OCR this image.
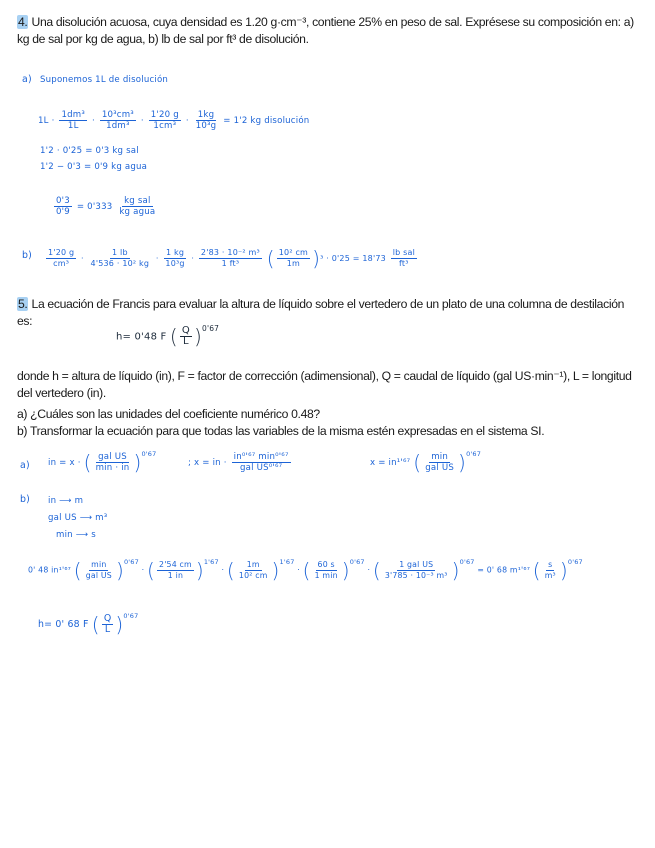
4. Una disolución acuosa, cuya densidad es 1.20 g·cm⁻³, contiene 25% en peso de sal. Exprésese su composición en: a) kg de sal por kg de agua, b) lb de sal por ft³ de disolución.
a) Suponemos 1L de disolución
$1L \cdot \frac{\text{1dm³}}{1L} \cdot \frac{\text{10³cm³}}{\text{1dm³}} \cdot \frac{1'20 g}{\text{1cm³}} \cdot \frac{1kg}{\text{10³g}} = 1'2$ kg disolución
1'2 · 0'25 = 0'3 kg sal
1'2 − 0'3 = 0'9 kg agua
$\frac{0'3}{0'9} = 0'333 \frac{\text{kg sal}}{\text{kg agua}}$
$b) \frac{1'20 g}{\text{cm³}} \cdot \frac{1 lb}{\text{4'536 · 10² kg}} \cdot \frac{1 kg}{\text{10³g}} \cdot \frac{\text{2'83 · 10⁻² m³}}{\text{1 ft³}}$ ( $\frac{\text{10² cm}}{1m} )^3 \cdot 0'25 = 18'73 \frac{\text{lb sal}}{\text{ft³}}$
5. La ecuación de Francis para evaluar la altura de líquido sobre el vertedero de un plato de una columna de destilación es:
h= 0'48 F ( $\frac{Q}{L} )^{0'67}$
donde h = altura de líquido (in), F = factor de corrección (adimensional), Q = caudal de líquido (gal US·min⁻¹), L = longitud del vertedero (in).
a) ¿Cuáles son las unidades del coeficiente numérico 0.48?
b) Transformar la ecuación para que todas las variables de la misma estén expresadas en el sistema SI.
a) in = x · ( $\frac{\text{gal US}}{\min \cdot in} )^{0'67}$
; x = in · $\frac{\text{in⁰'⁶⁷ min⁰'⁶⁷}}{\text{gal US⁰'⁶⁷}}$	x = in¹'⁶⁷ ( $\frac{\min}{\text{gal US}} )^{0'67}$
b) in ⟶ m
gal US ⟶ m³
min ⟶ s
0' 48 in¹'⁶⁷ ( $\frac{\min}{\text{gal US}} )^{0'67}$ · ( $\frac{2'54 cm}{1 in} )^{1'67}$ · ( $\frac{1m}{\text{10² cm}} )^{1'67}$ · ( $\frac{60 s}{1 \min} )^{0'67}$ · ( $\frac{\text{1 gal US}}{\text{3'785 · 10⁻³ m³}} )^{0'67} = 0'$ 68 m¹'⁶⁷ ( $\frac{s}{\text{m³}} )^{0'67}$
h= 0' 68 F ( $\frac{Q}{L} )^{0'67}$
